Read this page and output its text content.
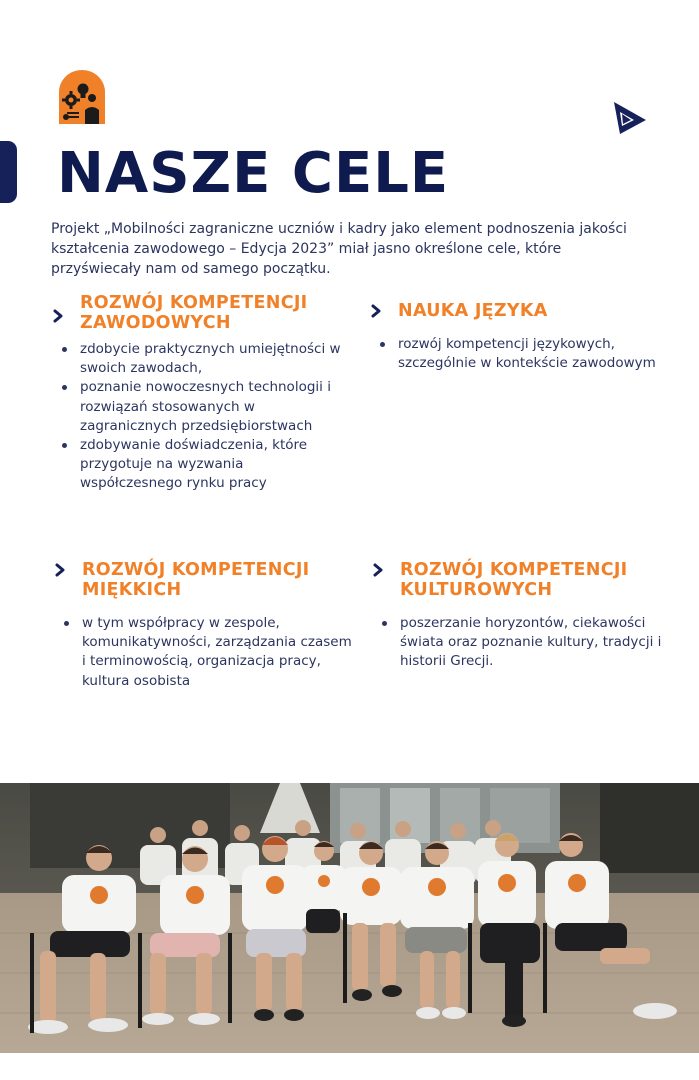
NASZE CELE

Projekt „Mobilności zagraniczne uczniów i kadry jako element podnoszenia jakości kształcenia zawodowego – Edycja 2023” miał jasno określone cele, które przyświecały nam od samego początku.

ROZWÓJ KOMPETENCJI
ZAWODOWYCH
zdobycie praktycznych umiejętności w swoich zawodach,
poznanie nowoczesnych technologii i rozwiązań stosowanych w zagranicznych przedsiębiorstwach
zdobywanie doświadczenia, które przygotuje na wyzwania współczesnego rynku pracy
NAUKA JĘZYKA
rozwój kompetencji językowych, szczególnie w kontekście zawodowym
ROZWÓJ KOMPETENCJI
MIĘKKICH
w tym współpracy w zespole, komunikatywności, zarządzania czasem i terminowością, organizacja pracy, kultura osobista
ROZWÓJ KOMPETENCJI
KULTUROWYCH
poszerzanie horyzontów, ciekawości świata oraz poznanie kultury, tradycji i historii Grecji.
